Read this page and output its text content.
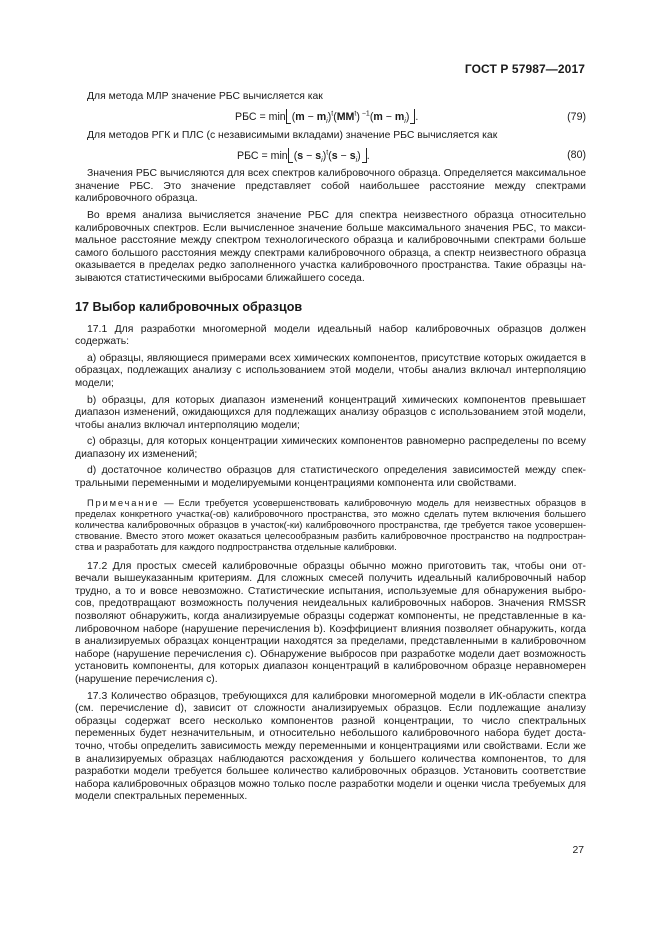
ГОСТ Р 57987—2017

Для метода МЛР значение РБС вычисляется как

РБС = $\min (m - m_i)^t(MM^t)$ $^{-1}(m - m_i)$ .	(79)

Для методов РГК и ПЛС (с независимыми вкладами) значение РБС вычисляется как

РБС = $\min (s - s_i)^t(s - s_i)$ .	(80)

Значения РБС вычисляются для всех спектров калибровочного образца. Определяется максимальное значение РБС. Это значение представляет собой наибольшее расстояние между спектрами калибровочного образца.

Во время анализа вычисляется значение РБС для спектра неизвестного образца относительно калибровочных спектров. Если вычисленное значение больше максимального значения РБС, то максимальное расстояние между спектром технологического образца и калибровочными спектрами больше самого большого расстояния между спектрами калибровочного образца, а спектр неизвестного образца оказывается в пределах редко заполненного участка калибровочного пространства. Такие образцы называются статистическими выбросами ближайшего соседа.

17 Выбор калибровочных образцов

17.1 Для разработки многомерной модели идеальный набор калибровочных образцов должен содержать:

а) образцы, являющиеся примерами всех химических компонентов, присутствие которых ожидается в образцах, подлежащих анализу с использованием этой модели, чтобы анализ включал интерполяцию модели;

b) образцы, для которых диапазон изменений концентраций химических компонентов превышает диапазон изменений, ожидающихся для подлежащих анализу образцов с использованием этой модели, чтобы анализ включал интерполяцию модели;

с) образцы, для которых концентрации химических компонентов равномерно распределены по всему диапазону их изменений;

d) достаточное количество образцов для статистического определения зависимостей между спектральными переменными и моделируемыми концентрациями компонента или свойствами.

Примечание — Если требуется усовершенствовать калибровочную модель для неизвестных образцов в пределах конкретного участка(-ов) калибровочного пространства, это можно сделать путем включения большего количества калибровочных образцов в участок(-ки) калибровочного пространства, где требуется такое усовершенствование. Вместо этого может оказаться целесообразным разбить калибровочное пространство на подпространства и разработать для каждого подпространства отдельные калибровки.

17.2 Для простых смесей калибровочные образцы обычно можно приготовить так, чтобы они отвечали вышеуказанным критериям. Для сложных смесей получить идеальный калибровочный набор трудно, а то и вовсе невозможно. Статистические испытания, используемые для обнаружения выбросов, предотвращают возможность получения неидеальных калибровочных наборов. Значения RMSSR позволяют обнаружить, когда анализируемые образцы содержат компоненты, не представленные в калибровочном наборе (нарушение перечисления b). Коэффициент влияния позволяет обнаружить, когда в анализируемых образцах концентрации находятся за пределами, представленными в калибровочном наборе (нарушение перечисления с). Обнаружение выбросов при разработке модели дает возможность установить компоненты, для которых диапазон концентраций в калибровочном образце неравномерен (нарушение перечисления с).

17.3 Количество образцов, требующихся для калибровки многомерной модели в ИК-области спектра (см. перечисление d), зависит от сложности анализируемых образцов. Если подлежащие анализу образцы содержат всего несколько компонентов разной концентрации, то число спектральных переменных будет незначительным, и относительно небольшого калибровочного набора будет достаточно, чтобы определить зависимость между переменными и концентрациями или свойствами. Если же в анализируемых образцах наблюдаются расхождения у большего количества компонентов, то для разработки модели требуется большее количество калибровочных образцов. Установить соответствие набора калибровочных образцов можно только после разработки модели и оценки числа требуемых для модели спектральных переменных.

27
